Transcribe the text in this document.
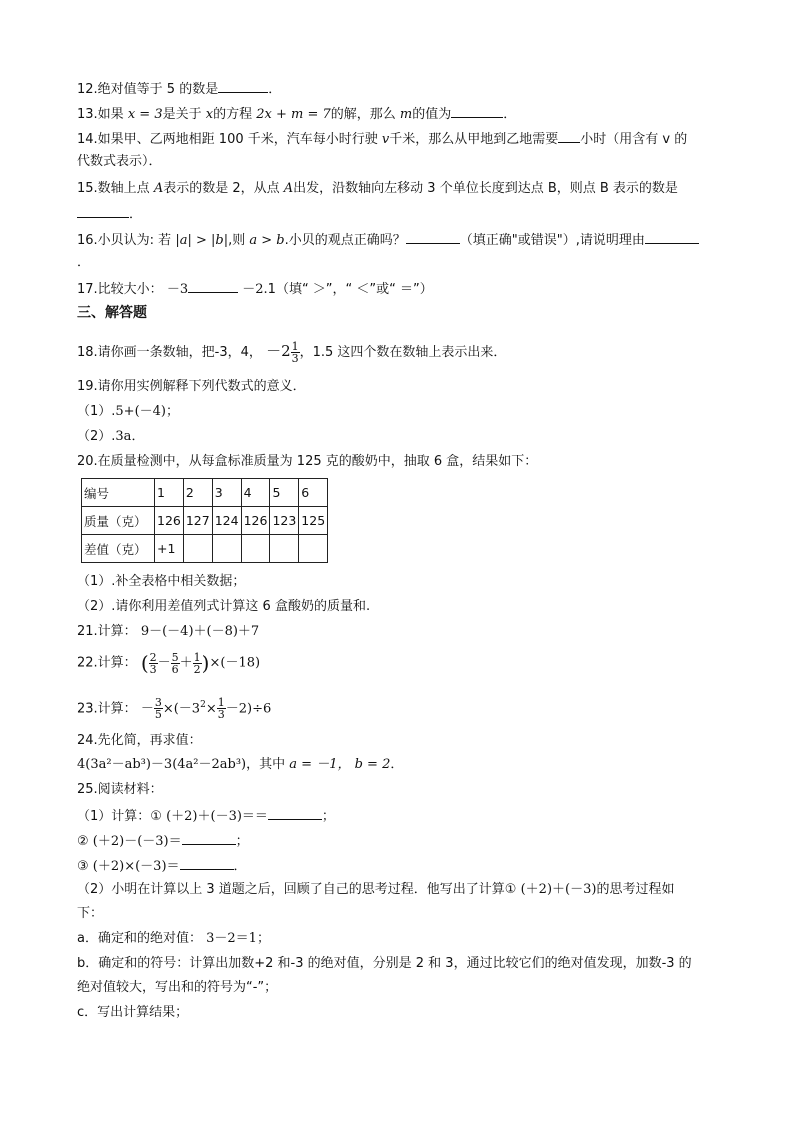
12.绝对值等于 5 的数是	．
13.如果 x = 3是关于 x的方程 2x + m = 7的解，那么 m的值为	．
14.如果甲、乙两地相距 100 千米，汽车每小时行驶 v千米，那么从甲地到乙地需要 小时（用含有 v 的
代数式表示）．
15.数轴上点 A表示的数是 2，从点 A出发，沿数轴向左移动 3 个单位长度到达点 B，则点 B 表示的数是
．
16.小贝认为: 若 |a| > |b|,则 a > b.小贝的观点正确吗？	（填正确"或错误"）,请说明理由
．
17.比较大小： －3	－2.1（填“ ＞”，“ ＜”或“ ＝”）
三、解答题
18.请你画一条数轴，把-3，4， $-2 \frac{1}{3}$ ，1.5 这四个数在数轴上表示出来．
19.请你用实例解释下列代数式的意义．
（1）.5+(－4)；
（2）.3a．
20.在质量检测中，从每盒标准质量为 125 克的酸奶中，抽取 6 盒，结果如下：
编号	1	2	3	4	5	6
质量（克）	126	127	124	126	123	125
差值（克）	+1					
（1）.补全表格中相关数据；
（2）.请你利用差值列式计算这 6 盒酸奶的质量和.
21.计算： 9－(－4)＋(－8)＋7
22.计算： ( $\frac{2}{3} - \frac{5}{6} + \frac{1}{2} )\times(-18)$
23.计算： － $\frac{3}{5} \times(-3^2\times \frac{1}{3} -2)\div 6$
24.先化简，再求值：
4(3a²－ab³)－3(4a²－2ab³)，其中 a = －1， b = 2．
25.阅读材料：
（1）计算：① (＋2)＋(－3)＝＝	；
② (＋2)－(－3)＝	；
③ (＋2)×(－3)＝	．
（2）小明在计算以上 3 道题之后，回顾了自己的思考过程．他写出了计算① (＋2)＋(－3)的思考过程如
下：
a．确定和的绝对值： 3－2＝1；
b．确定和的符号：计算出加数+2 和-3 的绝对值，分别是 2 和 3，通过比较它们的绝对值发现，加数-3 的
绝对值较大，写出和的符号为“-”；
c．写出计算结果；
